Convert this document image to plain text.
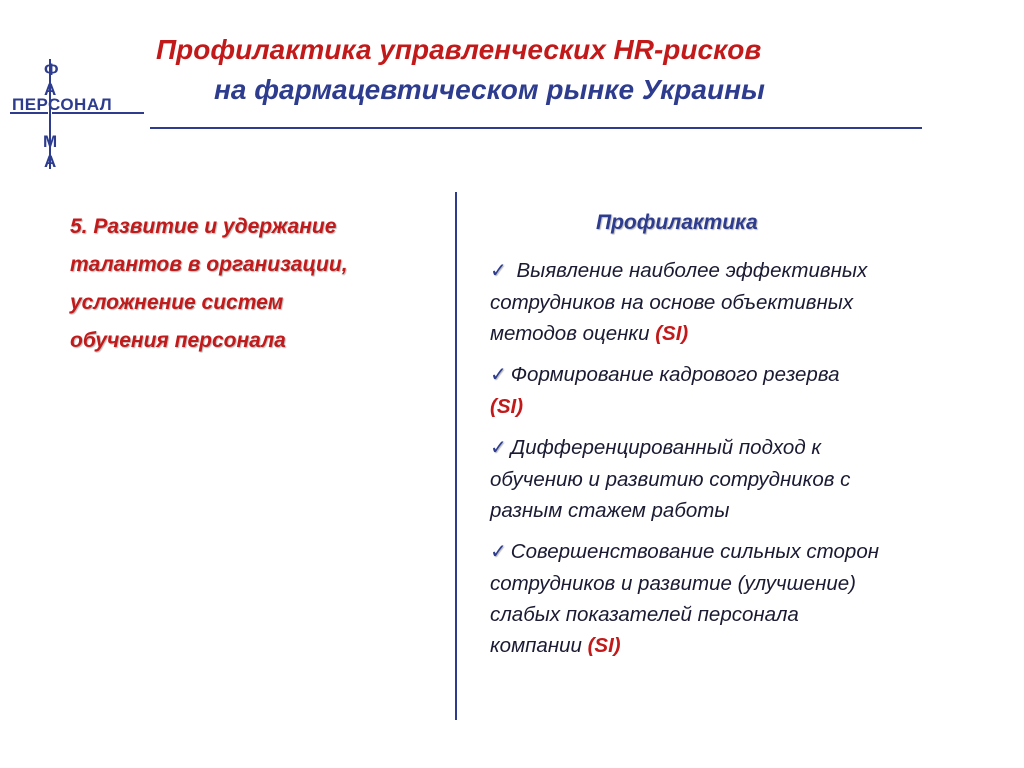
Ф
А
ПЕРСОНАЛ
М
А
Профилактика управленческих HR-рисков
на фармацевтическом рынке Украины
5. Развитие и удержание
талантов в организации,
усложнение систем
обучения персонала
Профилактика
✓ Выявление наиболее эффективных
сотрудников на основе объективных
методов оценки (SI)
✓ Формирование кадрового резерва
(SI)
✓ Дифференцированный подход к
обучению и развитию сотрудников с
разным стажем работы
✓ Совершенствование сильных сторон
сотрудников и развитие (улучшение)
слабых показателей персонала
компании (SI)
